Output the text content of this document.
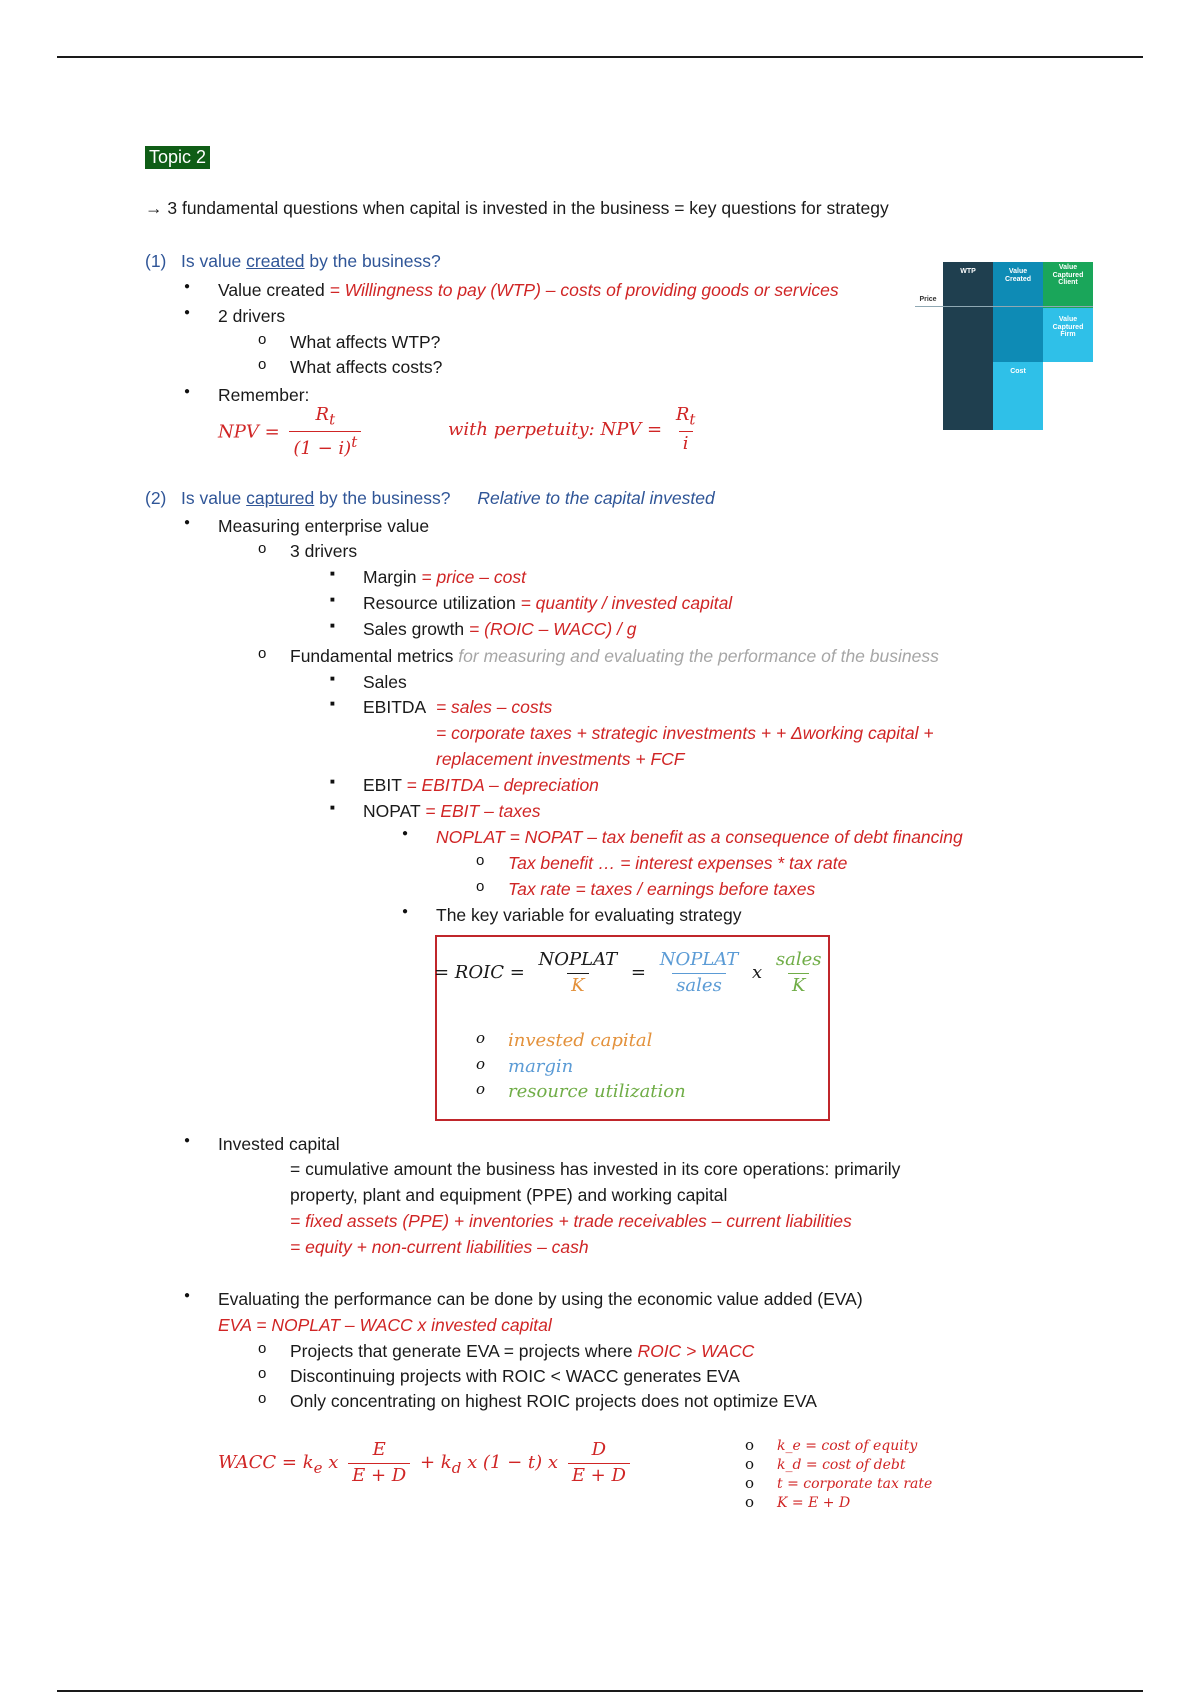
Topic 2
→ 3 fundamental questions when capital is invested in the business = key questions for strategy
(1) Is value created by the business?
● Value created = Willingness to pay (WTP) – costs of providing goods or services
● 2 drivers
o What affects WTP?
o What affects costs?
● Remember:
NPV = $\frac{R_t}{(1 - i)^t}$	with perpetuity: NPV = $\frac{R_t}{i}$
WTP	Value Created
Value Captured Client
Value Captured Firm
Cost
Price
(2) Is value captured by the business? Relative to the capital invested
● Measuring enterprise value
o 3 drivers
■ Margin = price – cost
■ Resource utilization = quantity / invested capital
■ Sales growth = (ROIC – WACC) / g
o Fundamental metrics for measuring and evaluating the performance of the business
■ Sales
■ EBITDA = sales – costs
= corporate taxes + strategic investments + + Δworking capital +
replacement investments + FCF
■ EBIT = EBITDA – depreciation
■ NOPAT = EBIT – taxes
● NOPLAT = NOPAT – tax benefit as a consequence of debt financing
o Tax benefit … = interest expenses * tax rate
o Tax rate = taxes / earnings before taxes
● The key variable for evaluating strategy
= ROIC = $\frac{\text{NOPLAT}}{K} = \frac{\text{NOPLAT}}{\text{sales}}$ x $\frac{\text{sales}}{K}$
o invested capital
o margin
o resource utilization
● Invested capital
= cumulative amount the business has invested in its core operations: primarily
property, plant and equipment (PPE) and working capital
= fixed assets (PPE) + inventories + trade receivables – current liabilities
= equity + non-current liabilities – cash
● Evaluating the performance can be done by using the economic value added (EVA)
EVA = NOPLAT – WACC x invested capital
o Projects that generate EVA = projects where ROIC > WACC
o Discontinuing projects with ROIC < WACC generates EVA
o Only concentrating on highest ROIC projects does not optimize EVA
WACC = $k_e$ x $\frac{E}{E + D} + k_d$ x (1 − t) x $\frac{D}{E + D}$
o	k_e = cost of equity
o k_d = cost of debt
o t = corporate tax rate
o K = E + D
